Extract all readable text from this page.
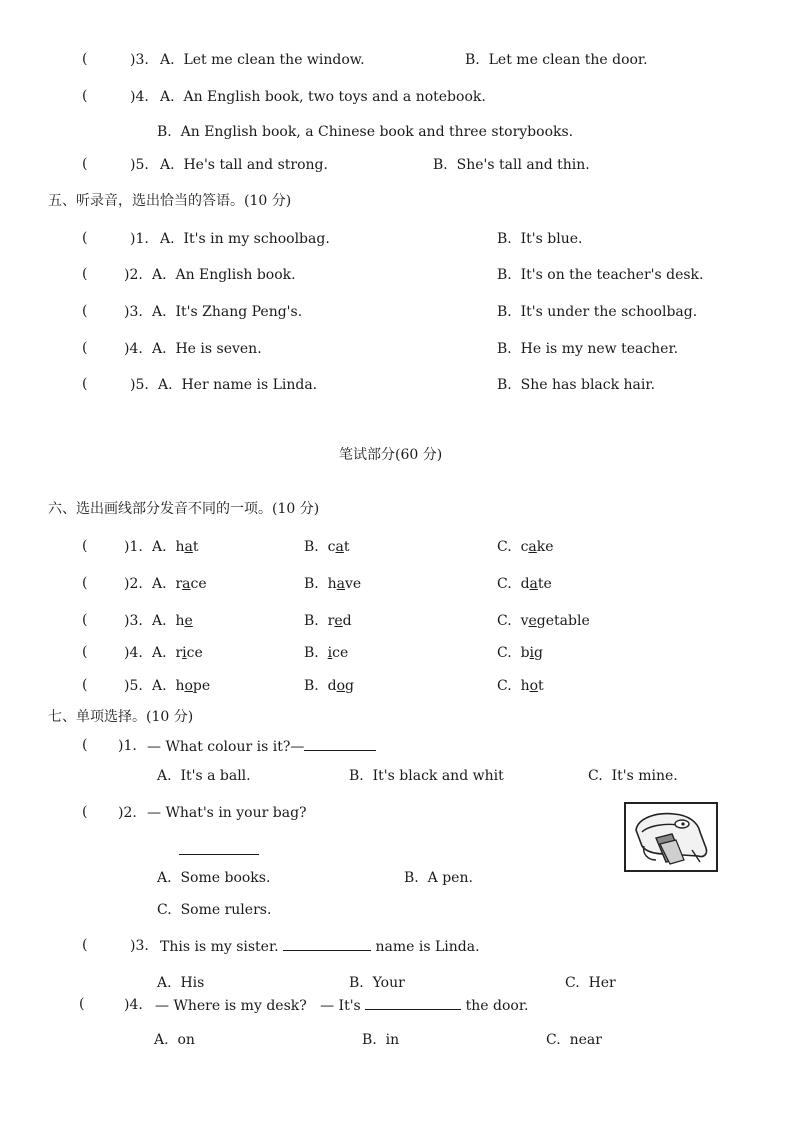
(	)3. A.  Let me clean the window.	B.  Let me clean the door.
(	)4. A.  An English book, two toys and a notebook.
B.  An English book, a Chinese book and three storybooks.
(	)5. A.  He's tall and strong.	B.  She's tall and thin.
五、听录音，选出恰当的答语。(10 分)
(	)1. A.  It's in my schoolbag.	B.  It's blue.
(	)2. A.  An English book.	B.  It's on the teacher's desk.
(	)3. A.  It's Zhang Peng's.	B.  It's under the schoolbag.
(	)4. A.  He is seven.	B.  He is my new teacher.
(	)5. A.  Her name is Linda.	B.  She has black hair.
笔试部分(60 分)
六、选出画线部分发音不同的一项。(10 分)
(	)1. A.  hat	B.  cat	C.  cake
(	)2. A.  race	B.  have	C.  date
(	)3. A.  he	B.  red	C.  vegetable
(	)4. A.  rice	B.  ice	C.  big
(	)5. A.  hope	B.  dog	C.  hot
七、单项选择。(10 分)
( )1. — What colour is it?—
A.  It's a ball.	B.  It's black and whit	C.  It's mine.
( )2. — What's in your bag?
A.  Some books.	B.  A pen.
C.  Some rulers.
(	)3. This is my sister.	name is Linda.
A.  His	B.  Your	C.  Her
(	)4. — Where is my desk?   — It's	the door.
A.  on	B.  in	C.  near
